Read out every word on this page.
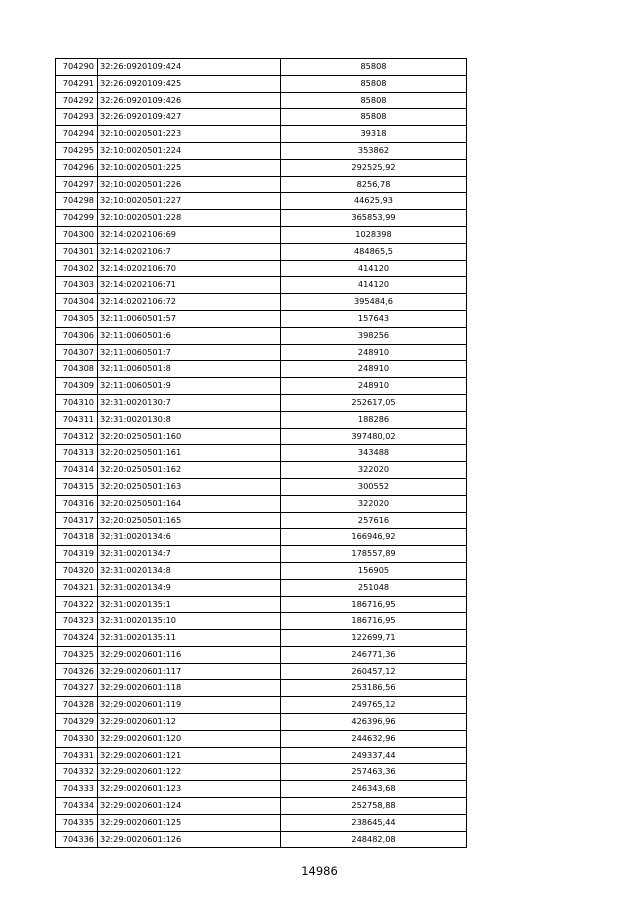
704290	32:26:0920109:424	85808
704291	32:26:0920109:425	85808
704292	32:26:0920109:426	85808
704293	32:26:0920109:427	85808
704294	32:10:0020501:223	39318
704295	32:10:0020501:224	353862
704296	32:10:0020501:225	292525,92
704297	32:10:0020501:226	8256,78
704298	32:10:0020501:227	44625,93
704299	32:10:0020501:228	365853,99
704300	32:14:0202106:69	1028398
704301	32:14:0202106:7	484865,5
704302	32:14:0202106:70	414120
704303	32:14:0202106:71	414120
704304	32:14:0202106:72	395484,6
704305	32:11:0060501:57	157643
704306	32:11:0060501:6	398256
704307	32:11:0060501:7	248910
704308	32:11:0060501:8	248910
704309	32:11:0060501:9	248910
704310	32:31:0020130:7	252617,05
704311	32:31:0020130:8	188286
704312	32:20:0250501:160	397480,02
704313	32:20:0250501:161	343488
704314	32:20:0250501:162	322020
704315	32:20:0250501:163	300552
704316	32:20:0250501:164	322020
704317	32:20:0250501:165	257616
704318	32:31:0020134:6	166946,92
704319	32:31:0020134:7	178557,89
704320	32:31:0020134:8	156905
704321	32:31:0020134:9	251048
704322	32:31:0020135:1	186716,95
704323	32:31:0020135:10	186716,95
704324	32:31:0020135:11	122699,71
704325	32:29:0020601:116	246771,36
704326	32:29:0020601:117	260457,12
704327	32:29:0020601:118	253186,56
704328	32:29:0020601:119	249765,12
704329	32:29:0020601:12	426396,96
704330	32:29:0020601:120	244632,96
704331	32:29:0020601:121	249337,44
704332	32:29:0020601:122	257463,36
704333	32:29:0020601:123	246343,68
704334	32:29:0020601:124	252758,88
704335	32:29:0020601:125	238645,44
704336	32:29:0020601:126	248482,08
14986
